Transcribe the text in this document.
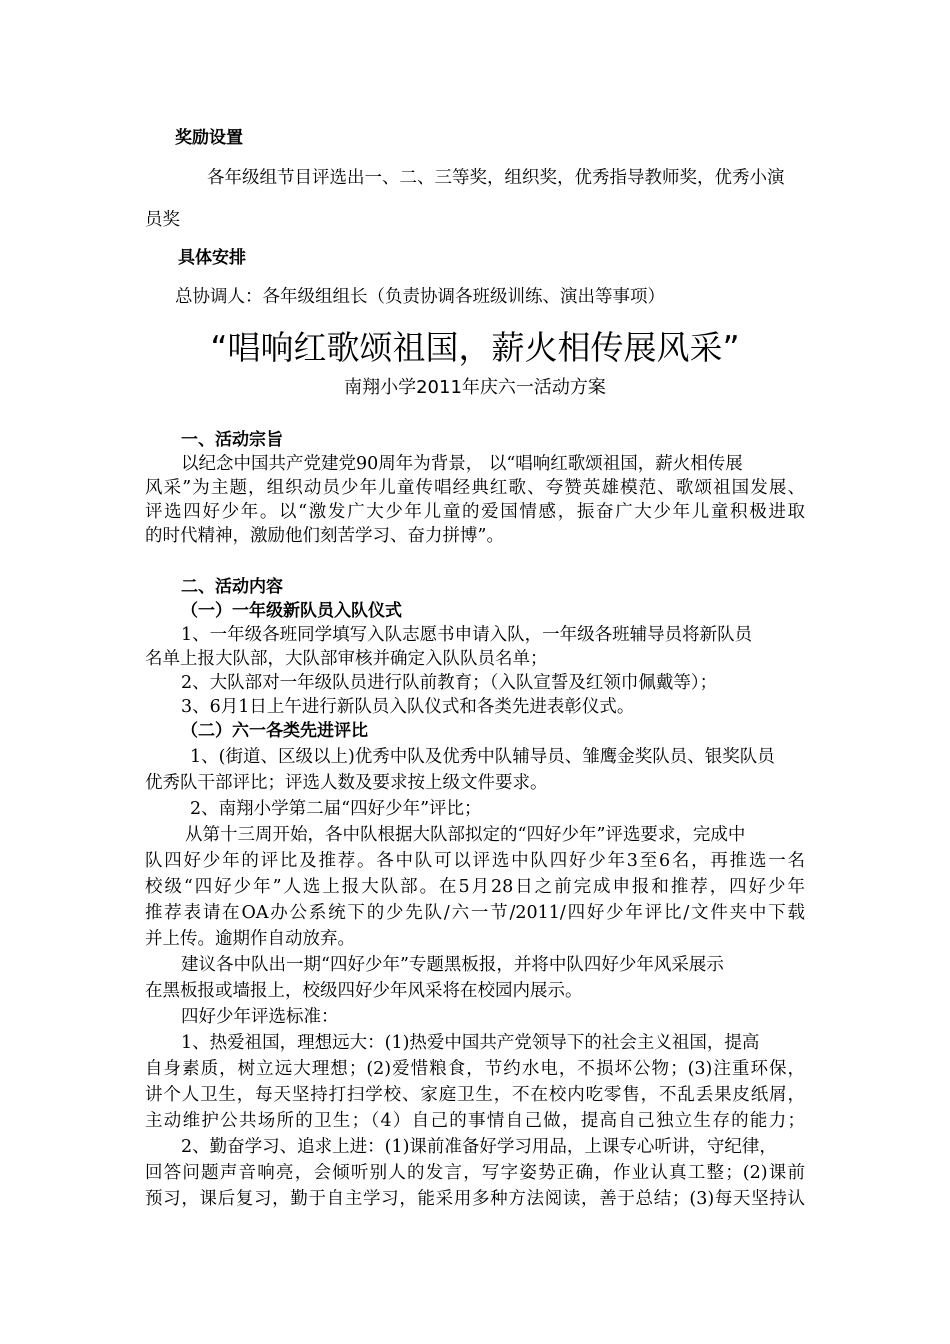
奖励设置
各年级组节目评选出一、二、三等奖，组织奖，优秀指导教师奖，优秀小演
员奖
具体安排
总协调人：各年级组组长（负责协调各班级训练、演出等事项）
“唱响红歌颂祖国，薪火相传展风采”
南翔小学2011年庆六一活动方案
一、活动宗旨
以纪念中国共产党建党90周年为背景， 以“唱响红歌颂祖国，薪火相传展
风采”为主题，组织动员少年儿童传唱经典红歌、夸赞英雄模范、歌颂祖国发展、
评选四好少年。以“激发广大少年儿童的爱国情感，振奋广大少年儿童积极进取
的时代精神，激励他们刻苦学习、奋力拼博”。
二、活动内容
（一）一年级新队员入队仪式
1、一年级各班同学填写入队志愿书申请入队，一年级各班辅导员将新队员
名单上报大队部，大队部审核并确定入队队员名单；
2、大队部对一年级队员进行队前教育；（入队宣誓及红领巾佩戴等）；
3、6月1日上午进行新队员入队仪式和各类先进表彰仪式。
（二）六一各类先进评比
1、(街道、区级以上)优秀中队及优秀中队辅导员、雏鹰金奖队员、银奖队员
优秀队干部评比；评选人数及要求按上级文件要求。
2、南翔小学第二届“四好少年”评比；
从第十三周开始，各中队根据大队部拟定的“四好少年”评选要求，完成中
队四好少年的评比及推荐。各中队可以评选中队四好少年3至6名，再推选一名
校级“四好少年”人选上报大队部。在5月28日之前完成申报和推荐，四好少年
推荐表请在OA办公系统下的少先队/六一节/2011/四好少年评比/文件夹中下载
并上传。逾期作自动放弃。
建议各中队出一期“四好少年”专题黑板报，并将中队四好少年风采展示
在黑板报或墙报上，校级四好少年风采将在校园内展示。
四好少年评选标准：
1、热爱祖国，理想远大：(1)热爱中国共产党领导下的社会主义祖国，提高
自身素质，树立远大理想；(2)爱惜粮食，节约水电，不损坏公物；(3)注重环保，
讲个人卫生，每天坚持打扫学校、家庭卫生，不在校内吃零售，不乱丢果皮纸屑，
主动维护公共场所的卫生；（4）自己的事情自己做，提高自己独立生存的能力；
2、勤奋学习、追求上进：(1)课前准备好学习用品，上课专心听讲，守纪律，
回答问题声音响亮，会倾听别人的发言，写字姿势正确，作业认真工整；(2)课前
预习，课后复习，勤于自主学习，能采用多种方法阅读，善于总结；(3)每天坚持认
